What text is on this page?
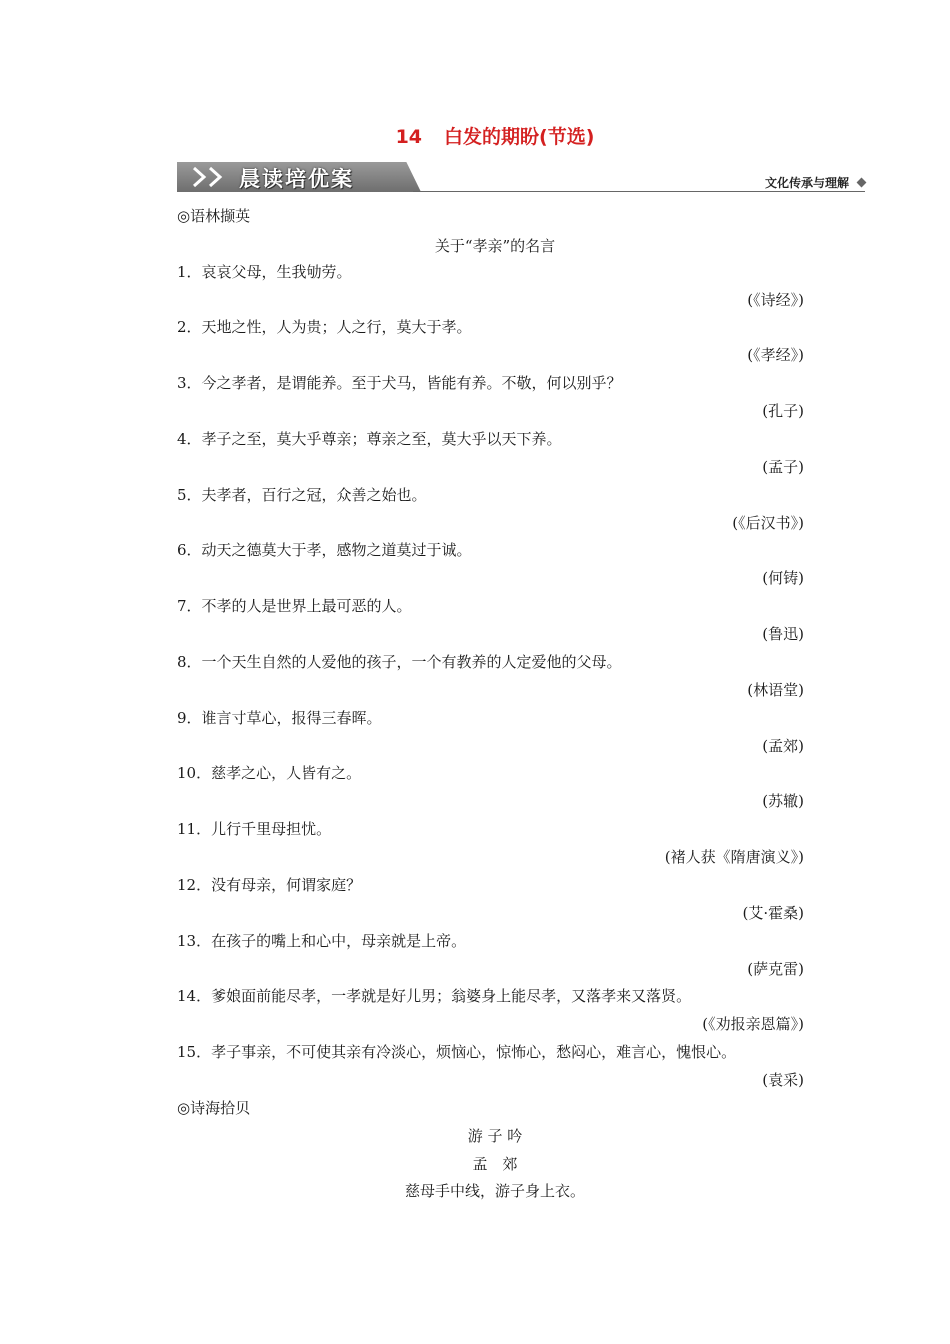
14 白发的期盼(节选)
晨读培优案	文化传承与理解
◎语林撷英
关于“孝亲”的名言
1．哀哀父母，生我劬劳。
(《诗经》)
2．天地之性，人为贵；人之行，莫大于孝。
(《孝经》)
3．今之孝者，是谓能养。至于犬马，皆能有养。不敬，何以别乎？
(孔子)
4．孝子之至，莫大乎尊亲；尊亲之至，莫大乎以天下养。
(孟子)
5．夫孝者，百行之冠，众善之始也。
(《后汉书》)
6．动天之德莫大于孝，感物之道莫过于诚。
(何铸)
7．不孝的人是世界上最可恶的人。
(鲁迅)
8．一个天生自然的人爱他的孩子，一个有教养的人定爱他的父母。
(林语堂)
9．谁言寸草心，报得三春晖。
(孟郊)
10．慈孝之心，人皆有之。
(苏辙)
11．儿行千里母担忧。
(褚人获《隋唐演义》)
12．没有母亲，何谓家庭？
(艾·霍桑)
13．在孩子的嘴上和心中，母亲就是上帝。
(萨克雷)
14．爹娘面前能尽孝，一孝就是好儿男；翁婆身上能尽孝，又落孝来又落贤。
(《劝报亲恩篇》)
15．孝子事亲，不可使其亲有冷淡心，烦恼心，惊怖心，愁闷心，难言心，愧恨心。
(袁采)
◎诗海拾贝
游 子 吟
孟　郊
慈母手中线，游子身上衣。
